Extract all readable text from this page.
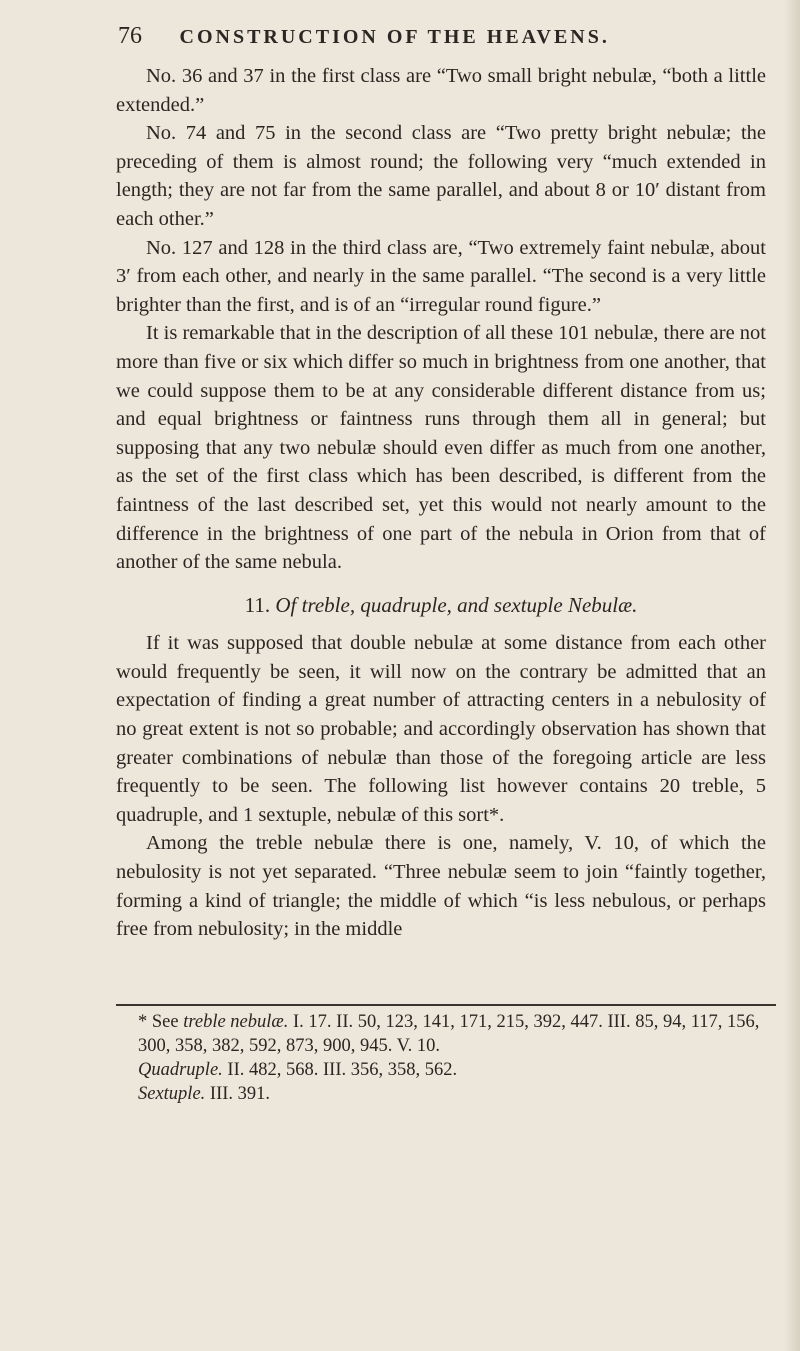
76 CONSTRUCTION OF THE HEAVENS.

No. 36 and 37 in the first class are “Two small bright nebulæ, “both a little extended.”

No. 74 and 75 in the second class are “Two pretty bright nebulæ; the preceding of them is almost round; the following very “much extended in length; they are not far from the same parallel, and about 8 or 10′ distant from each other.”

No. 127 and 128 in the third class are, “Two extremely faint nebulæ, about 3′ from each other, and nearly in the same parallel. “The second is a very little brighter than the first, and is of an “irregular round figure.”

It is remarkable that in the description of all these 101 nebulæ, there are not more than five or six which differ so much in brightness from one another, that we could suppose them to be at any considerable different distance from us; and equal brightness or faintness runs through them all in general; but supposing that any two nebulæ should even differ as much from one another, as the set of the first class which has been described, is different from the faintness of the last described set, yet this would not nearly amount to the difference in the brightness of one part of the nebula in Orion from that of another of the same nebula.

11. Of treble, quadruple, and sextuple Nebulæ.

If it was supposed that double nebulæ at some distance from each other would frequently be seen, it will now on the contrary be admitted that an expectation of finding a great number of attracting centers in a nebulosity of no great extent is not so probable; and accordingly observation has shown that greater combinations of nebulæ than those of the foregoing article are less frequently to be seen. The following list however contains 20 treble, 5 quadruple, and 1 sextuple, nebulæ of this sort*.

Among the treble nebulæ there is one, namely, V. 10, of which the nebulosity is not yet separated. “Three nebulæ seem to join “faintly together, forming a kind of triangle; the middle of which “is less nebulous, or perhaps free from nebulosity; in the middle

* See treble nebulæ. I. 17. II. 50, 123, 141, 171, 215, 392, 447. III. 85, 94, 117, 156, 300, 358, 382, 592, 873, 900, 945. V. 10.

Quadruple. II. 482, 568. III. 356, 358, 562.

Sextuple. III. 391.
